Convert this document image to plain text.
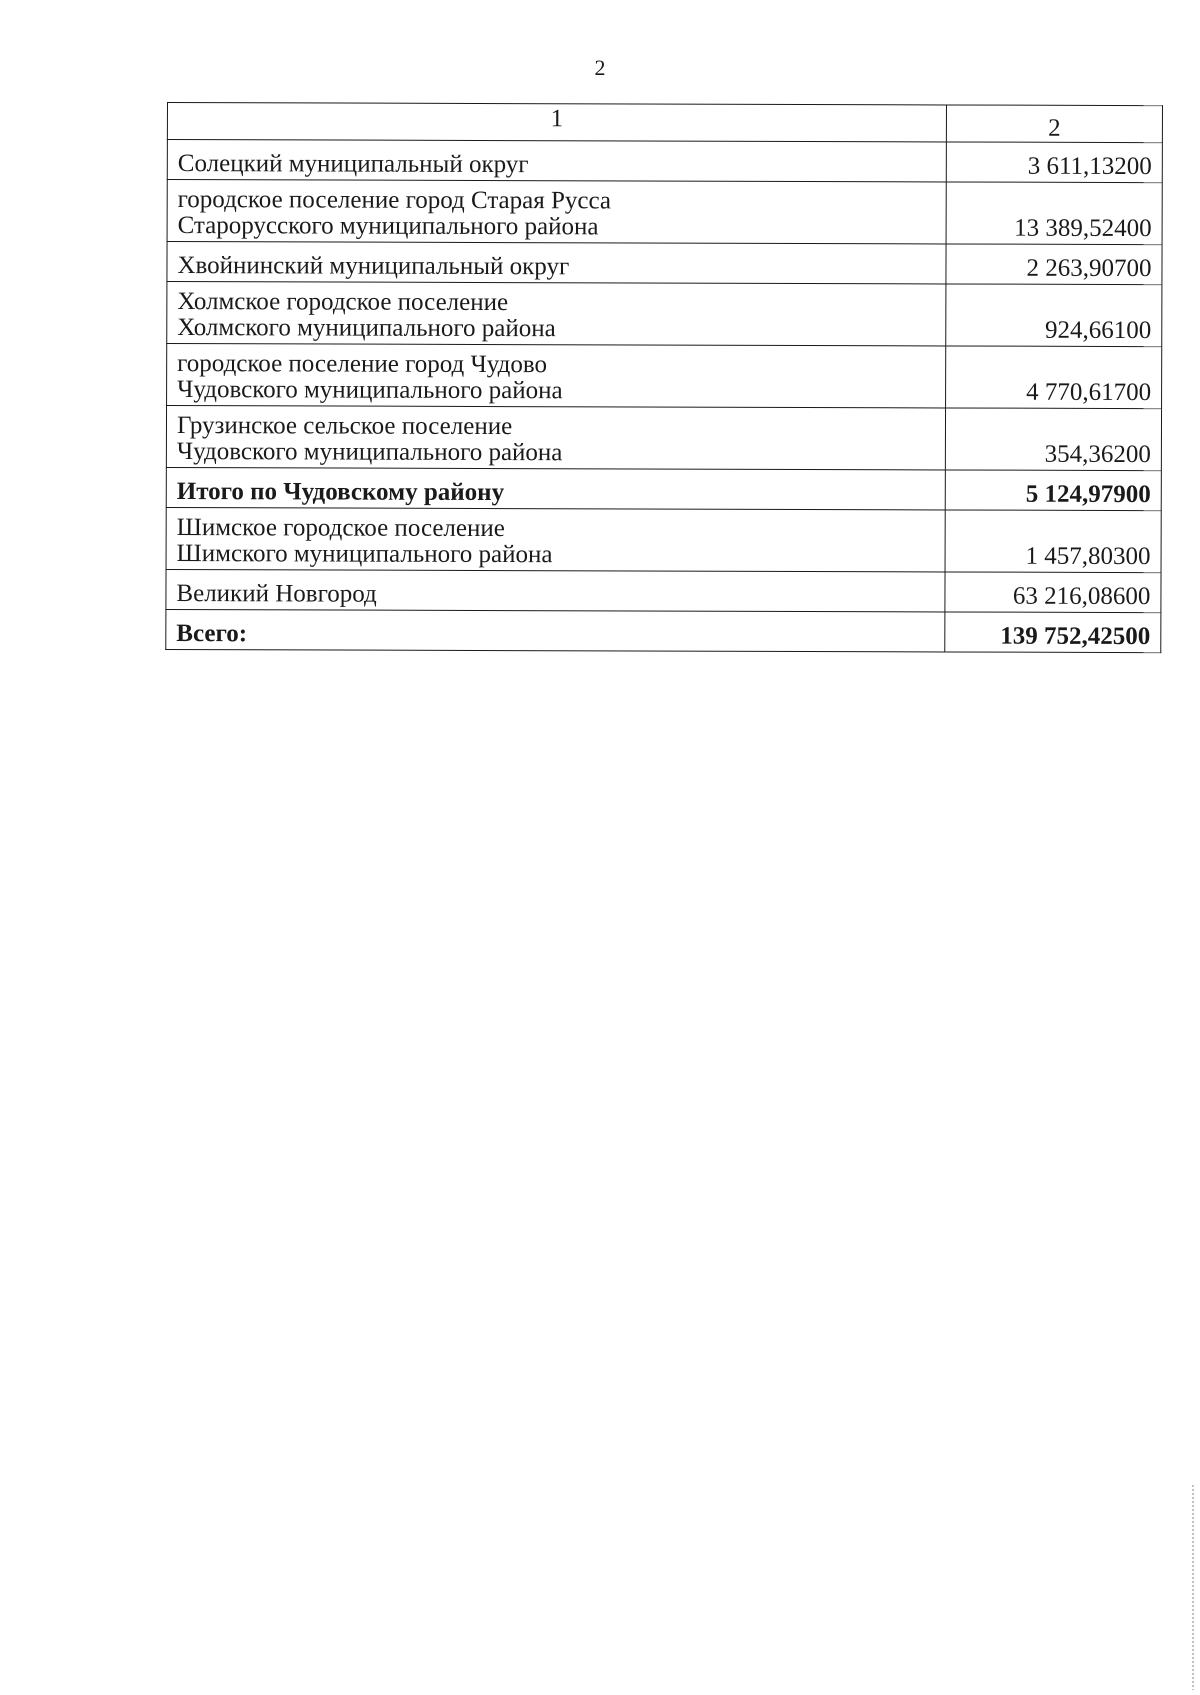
2
1	2

Солецкий муниципальный округ	3 611,13200

городское поселение город Старая Русса
Старорусского муниципального района	13 389,52400

Хвойнинский муниципальный округ	2 263,90700

Холмское городское поселение
Холмского муниципального района	924,66100

городское поселение город Чудово
Чудовского муниципального района	4 770,61700

Грузинское сельское поселение
Чудовского муниципального района	354,36200

Итого по Чудовскому району	5 124,97900

Шимское городское поселение
Шимского муниципального района	1 457,80300

Великий Новгород	63 216,08600

Всего:	139 752,42500
